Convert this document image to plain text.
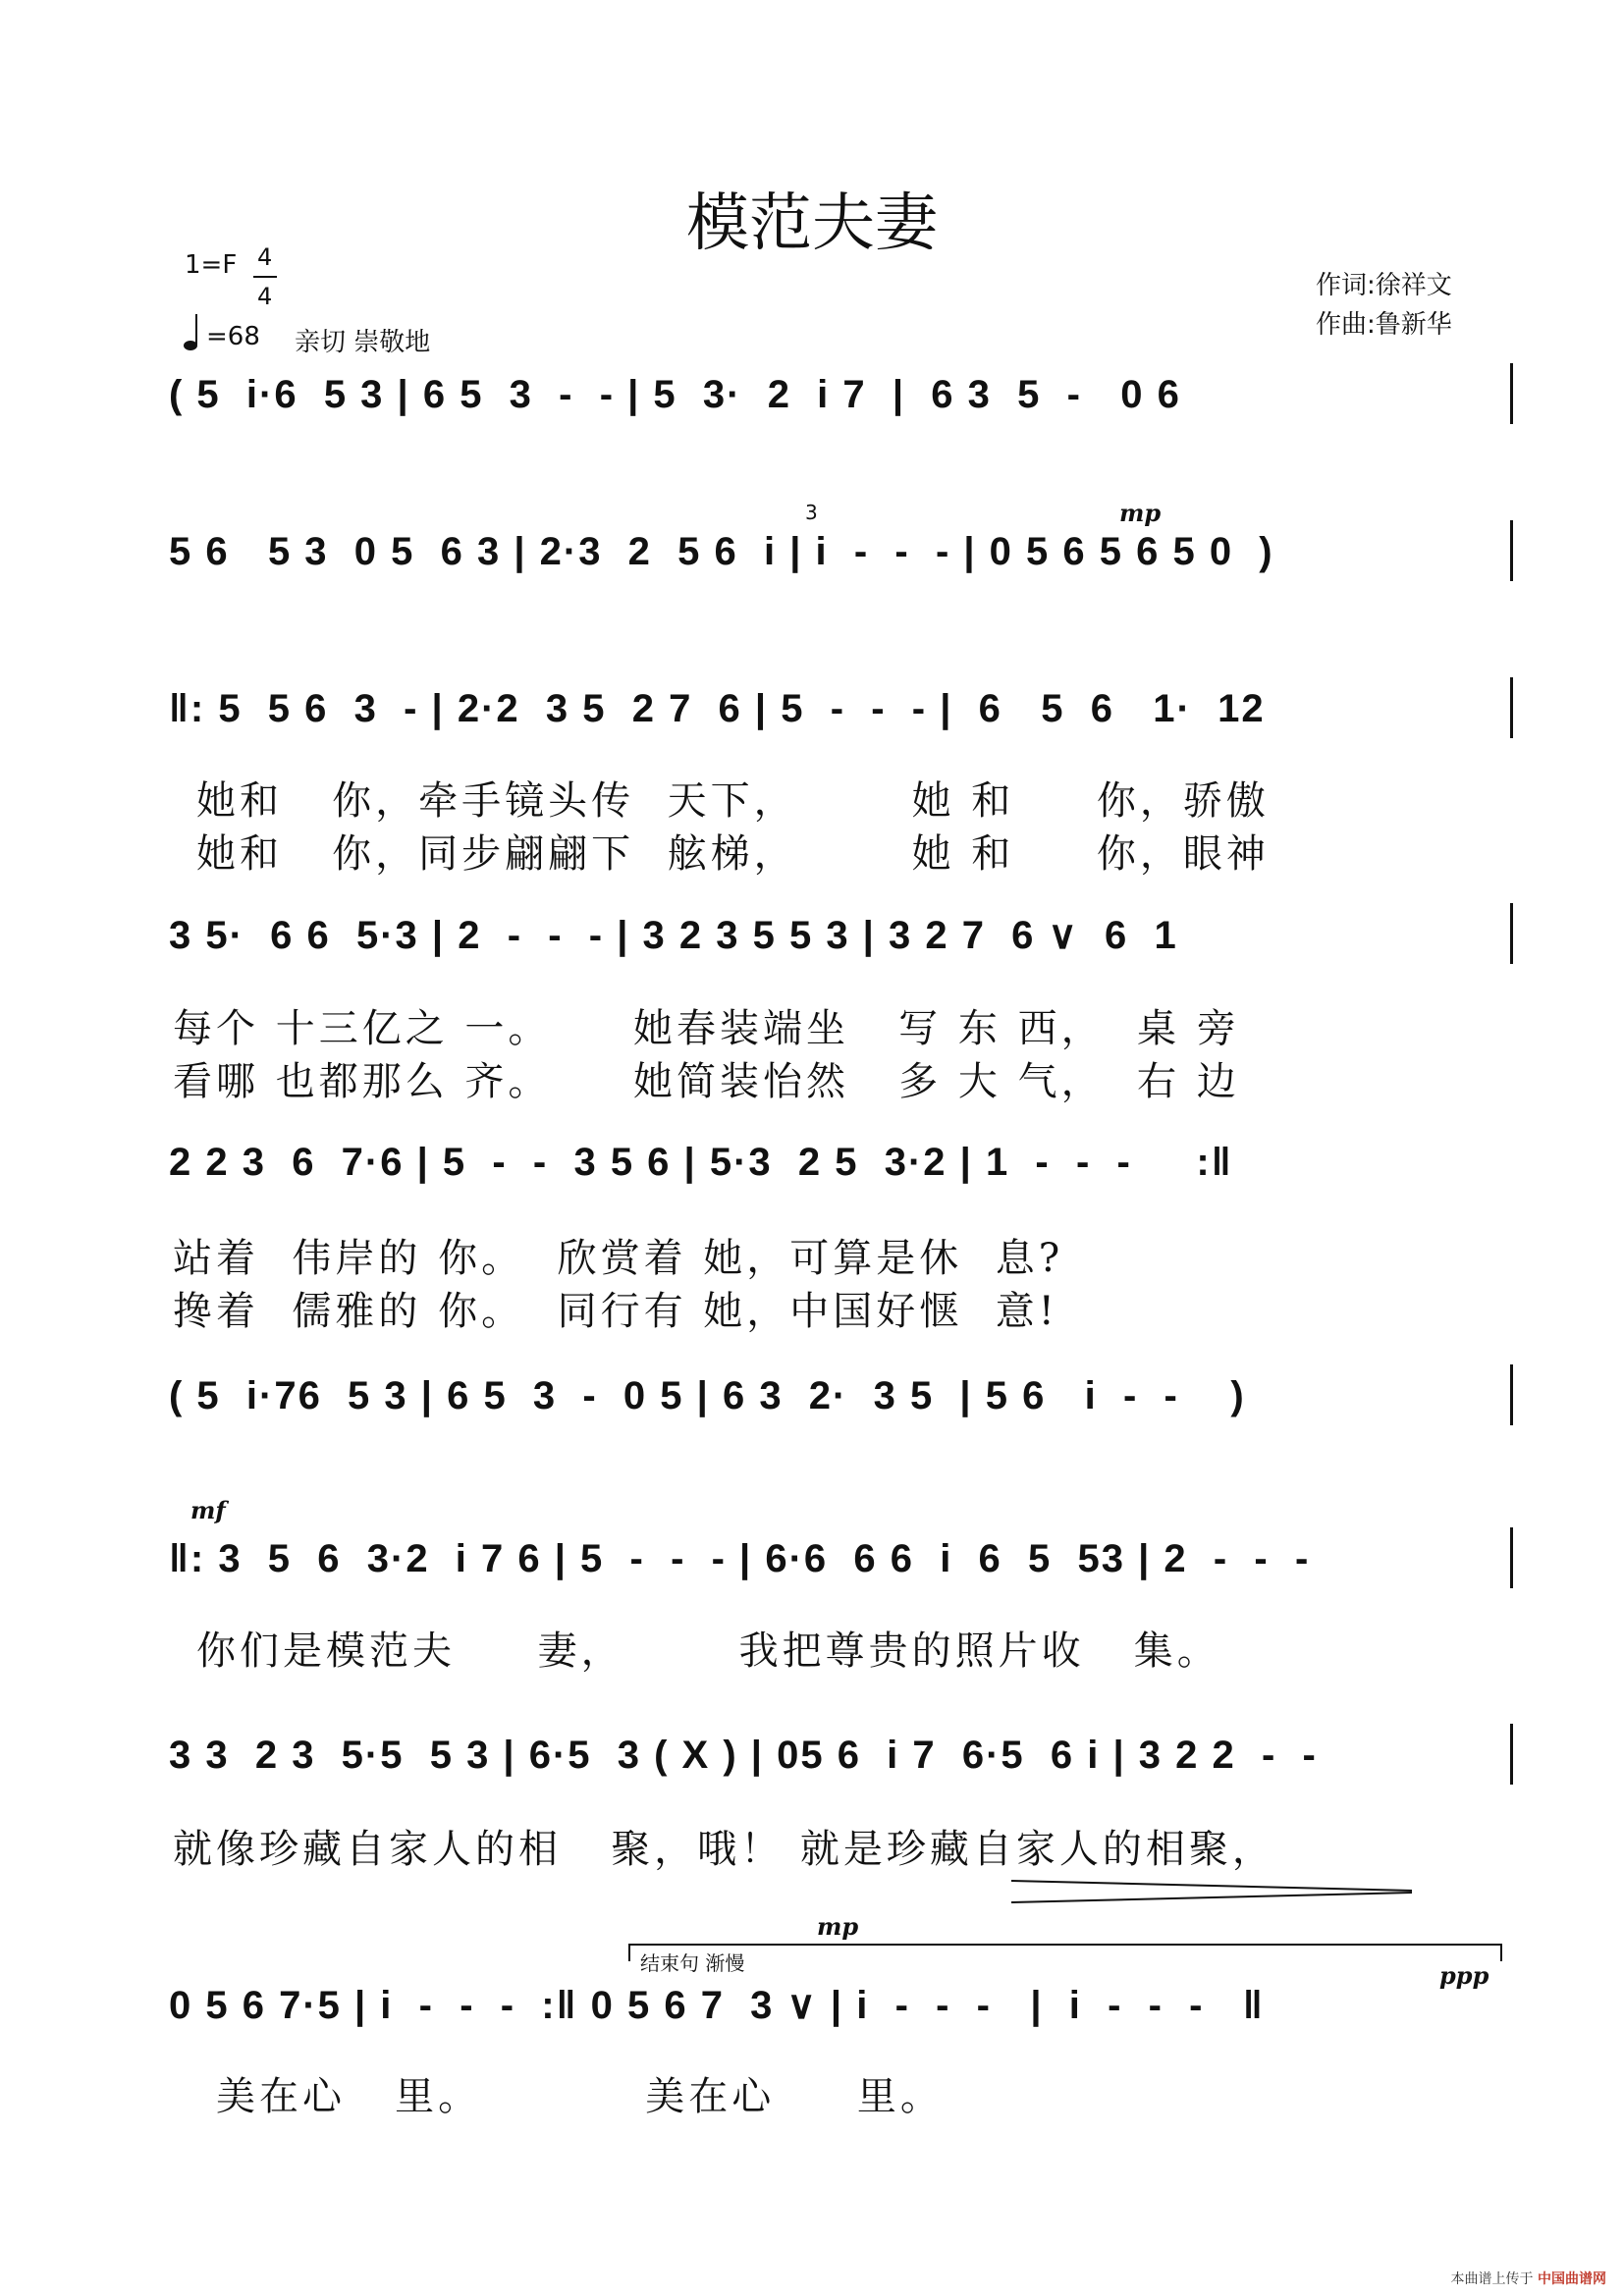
模范夫妻
1=F 4
4
=68 亲切 崇敬地
作词:徐祥文
作曲:鲁新华
( 5  i·6  5 3 | 6 5  3  -  - | 5  3·  2  i 7  |  6 3  5  -   0 6
mp
3
5 6   5 3  0 5  6 3 | 2·3  2  5 6  i | i  -  -  - | 0 5 6 5 6 5 0  )
‖: 5  5 6  3  - | 2·2  3 5  2 7  6 | 5  -  -  - |  6   5  6   1·  12
她和   你，牵手镜头传  天下，       她 和     你，骄傲
她和   你，同步翩翩下  舷梯，       她 和     你，眼神
3 5·  6 6  5·3 | 2  -  -  - | 3 2 3 5 5 3 | 3 2 7  6 ∨  6  1
每个 十三亿之 一。     她春装端坐   写 东 西，  桌 旁
看哪 也都那么 齐。     她简装怡然   多 大 气，  右 边
2 2 3  6  7·6 | 5  -  -  3 5 6 | 5·3  2 5  3·2 | 1  -  -  -     :‖
站着  伟岸的 你。  欣赏着 她，可算是休  息?
搀着  儒雅的 你。  同行有 她，中国好惬  意!
( 5  i·76  5 3 | 6 5  3  -  0 5 | 6 3  2·  3 5  | 5 6   i  -  -    )
mf
‖: 3  5  6  3·2  i 7 6 | 5  -  -  - | 6·6  6 6  i  6  5  53 | 2  -  -  -
你们是模范夫     妻，       我把尊贵的照片收   集。
3 3  2 3  5·5  5 3 | 6·5  3 ( X ) | 05 6  i 7  6·5  6 i | 3 2 2  -  -
就像珍藏自家人的相   聚，哦！ 就是珍藏自家人的相聚，
结束句 渐慢
mp
ppp
0 5 6 7·5 | i  -  -  -  :‖ 0 5 6 7  3 ∨ | i  -  -  -   |  i  -  -  -   ‖
美在心   里。          美在心     里。
本曲谱上传于 中国曲谱网
